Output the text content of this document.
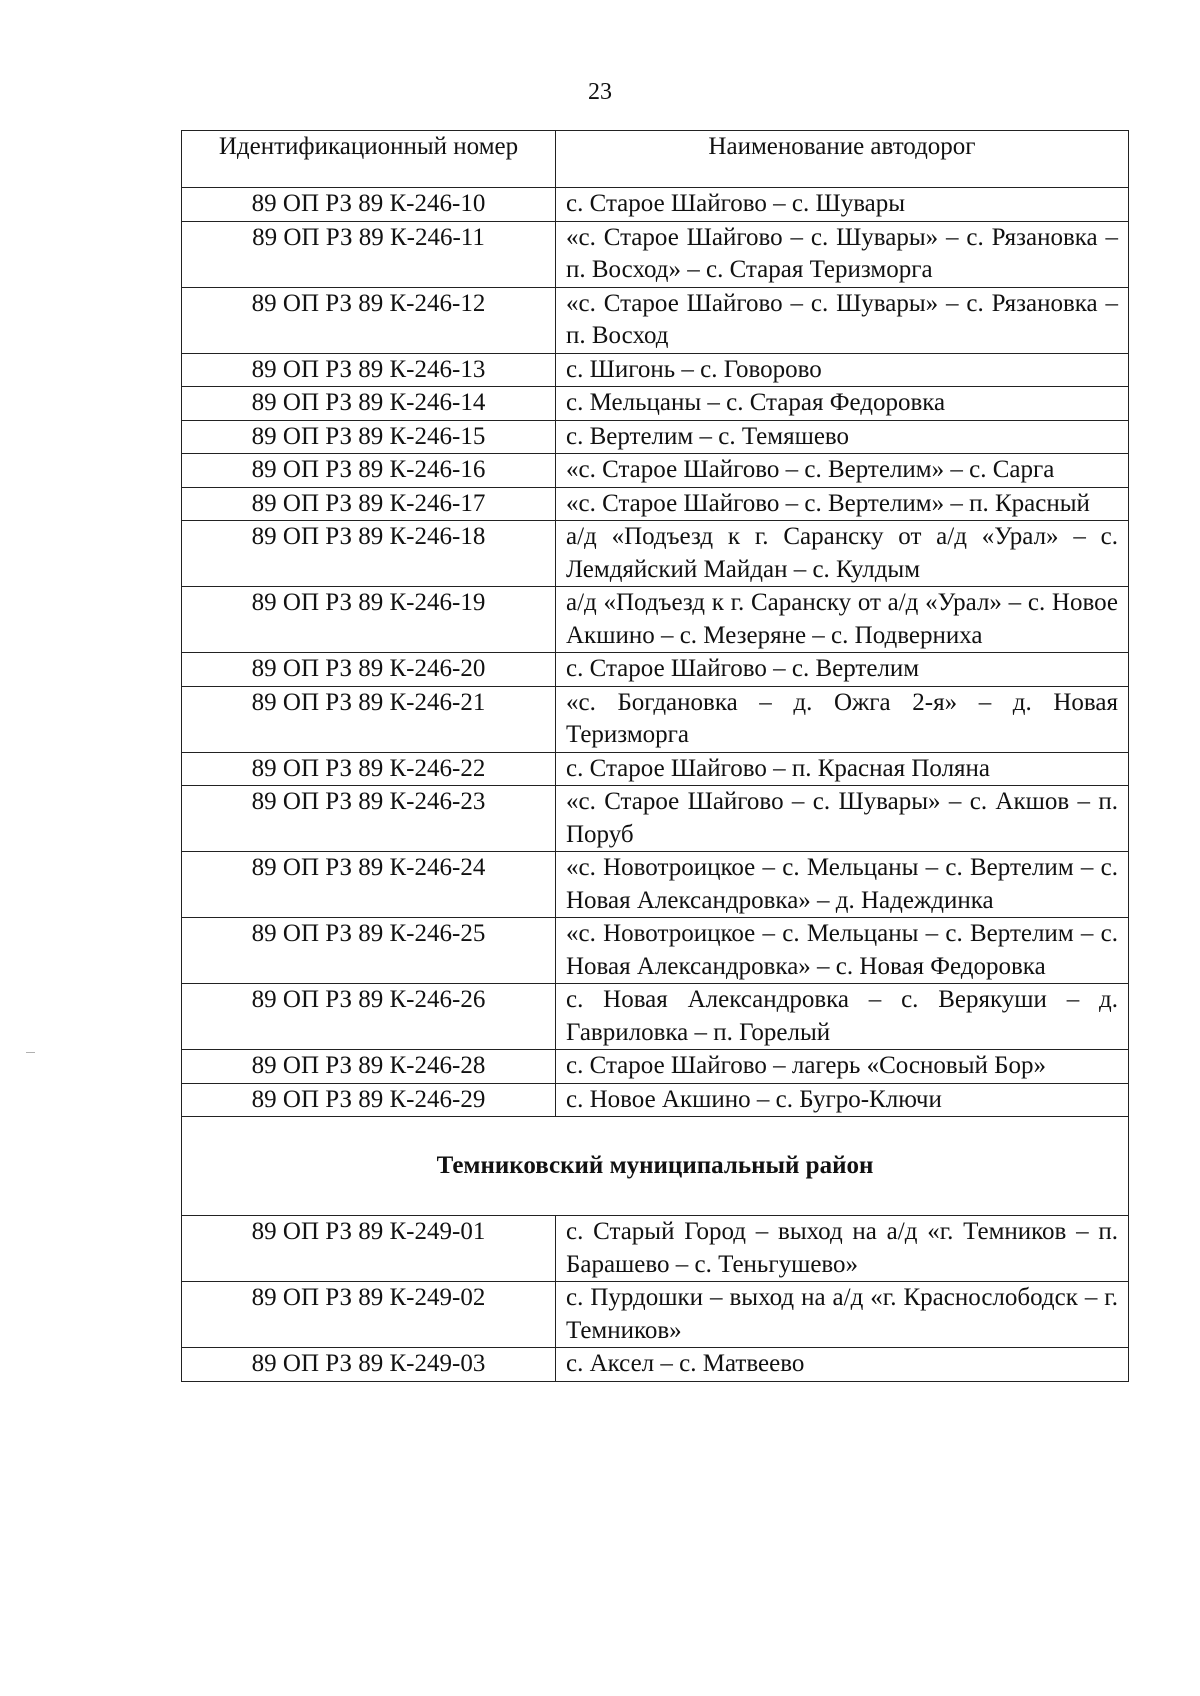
23
Идентификационный номер	Наименование автодорог
89 ОП РЗ 89 К-246-10	с. Старое Шайгово – с. Шувары
89 ОП РЗ 89 К-246-11	«с. Старое Шайгово – с. Шувары» – с. Рязановка – п. Восход» – с. Старая Теризморга
89 ОП РЗ 89 К-246-12	«с. Старое Шайгово – с. Шувары» – с. Рязановка – п. Восход
89 ОП РЗ 89 К-246-13	с. Шигонь – с. Говорово
89 ОП РЗ 89 К-246-14	с. Мельцаны – с. Старая Федоровка
89 ОП РЗ 89 К-246-15	с. Вертелим – с. Темяшево
89 ОП РЗ 89 К-246-16	«с. Старое Шайгово – с. Вертелим» – с. Сарга
89 ОП РЗ 89 К-246-17	«с. Старое Шайгово – с. Вертелим» – п. Красный
89 ОП РЗ 89 К-246-18	а/д «Подъезд к г. Саранску от а/д «Урал» – с. Лемдяйский Майдан – с. Кулдым
89 ОП РЗ 89 К-246-19	а/д «Подъезд к г. Саранску от а/д «Урал» – с. Новое Акшино – с. Мезеряне – с. Подверниха
89 ОП РЗ 89 К-246-20	с. Старое Шайгово – с. Вертелим
89 ОП РЗ 89 К-246-21	«с. Богдановка – д. Ожга 2-я» – д. Новая Теризморга
89 ОП РЗ 89 К-246-22	с. Старое Шайгово – п. Красная Поляна
89 ОП РЗ 89 К-246-23	«с. Старое Шайгово – с. Шувары» – с. Акшов – п. Поруб
89 ОП РЗ 89 К-246-24	«с. Новотроицкое – с. Мельцаны – с. Вертелим – с. Новая Александровка» – д. Надеждинка
89 ОП РЗ 89 К-246-25	«с. Новотроицкое – с. Мельцаны – с. Вертелим – с. Новая Александровка» – с. Новая Федоровка
89 ОП РЗ 89 К-246-26	с. Новая Александровка – с. Верякуши – д. Гавриловка – п. Горелый
89 ОП РЗ 89 К-246-28	с. Старое Шайгово – лагерь «Сосновый Бор»
89 ОП РЗ 89 К-246-29	с. Новое Акшино – с. Бугро-Ключи
Темниковский муниципальный район	
89 ОП РЗ 89 К-249-01	с. Старый Город – выход на а/д «г. Темников – п. Барашево – с. Теньгушево»
89 ОП РЗ 89 К-249-02	с. Пурдошки – выход на а/д «г. Краснослободск – г. Темников»
89 ОП РЗ 89 К-249-03	с. Аксел – с. Матвеево
